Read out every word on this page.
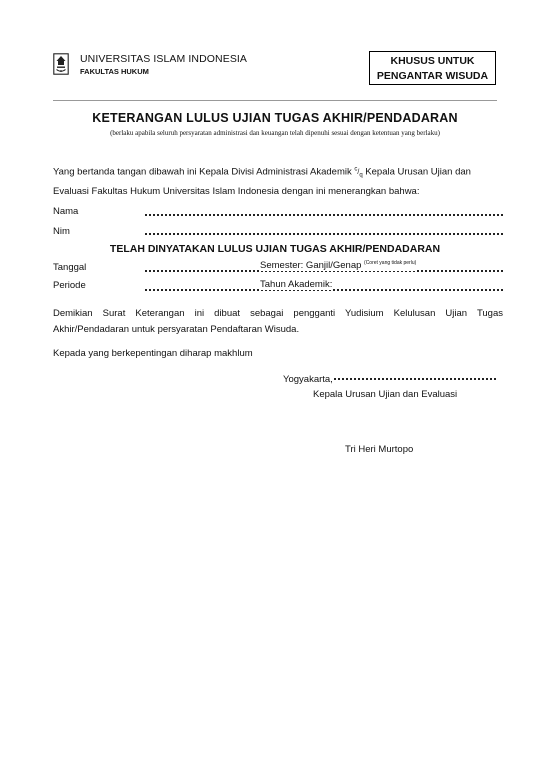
UNIVERSITAS ISLAM INDONESIA
FAKULTAS HUKUM
KHUSUS UNTUK
PENGANTAR WISUDA
KETERANGAN LULUS UJIAN TUGAS AKHIR/PENDADARAN
(berlaku apabila seluruh persyaratan administrasi dan keuangan telah dipenuhi sesuai dengan ketentuan yang berlaku)
Yang bertanda tangan dibawah ini Kepala Divisi Administrasi Akademik $^c/_q$ Kepala Urusan Ujian dan Evaluasi Fakultas Hukum Universitas Islam Indonesia dengan ini menerangkan bahwa:
Nama
Nim
TELAH DINYATAKAN LULUS UJIAN TUGAS AKHIR/PENDADARAN
Tanggal	Semester: Ganjil/Genap $^{(Coret yang tidak perlu)}$
Periode	Tahun Akademik:
Demikian Surat Keterangan ini dibuat sebagai pengganti Yudisium Kelulusan Ujian Tugas Akhir/Pendadaran untuk persyaratan Pendaftaran Wisuda.
Kepada yang berkepentingan diharap makhlum
Yogyakarta,
Kepala Urusan Ujian dan Evaluasi
Tri Heri Murtopo
